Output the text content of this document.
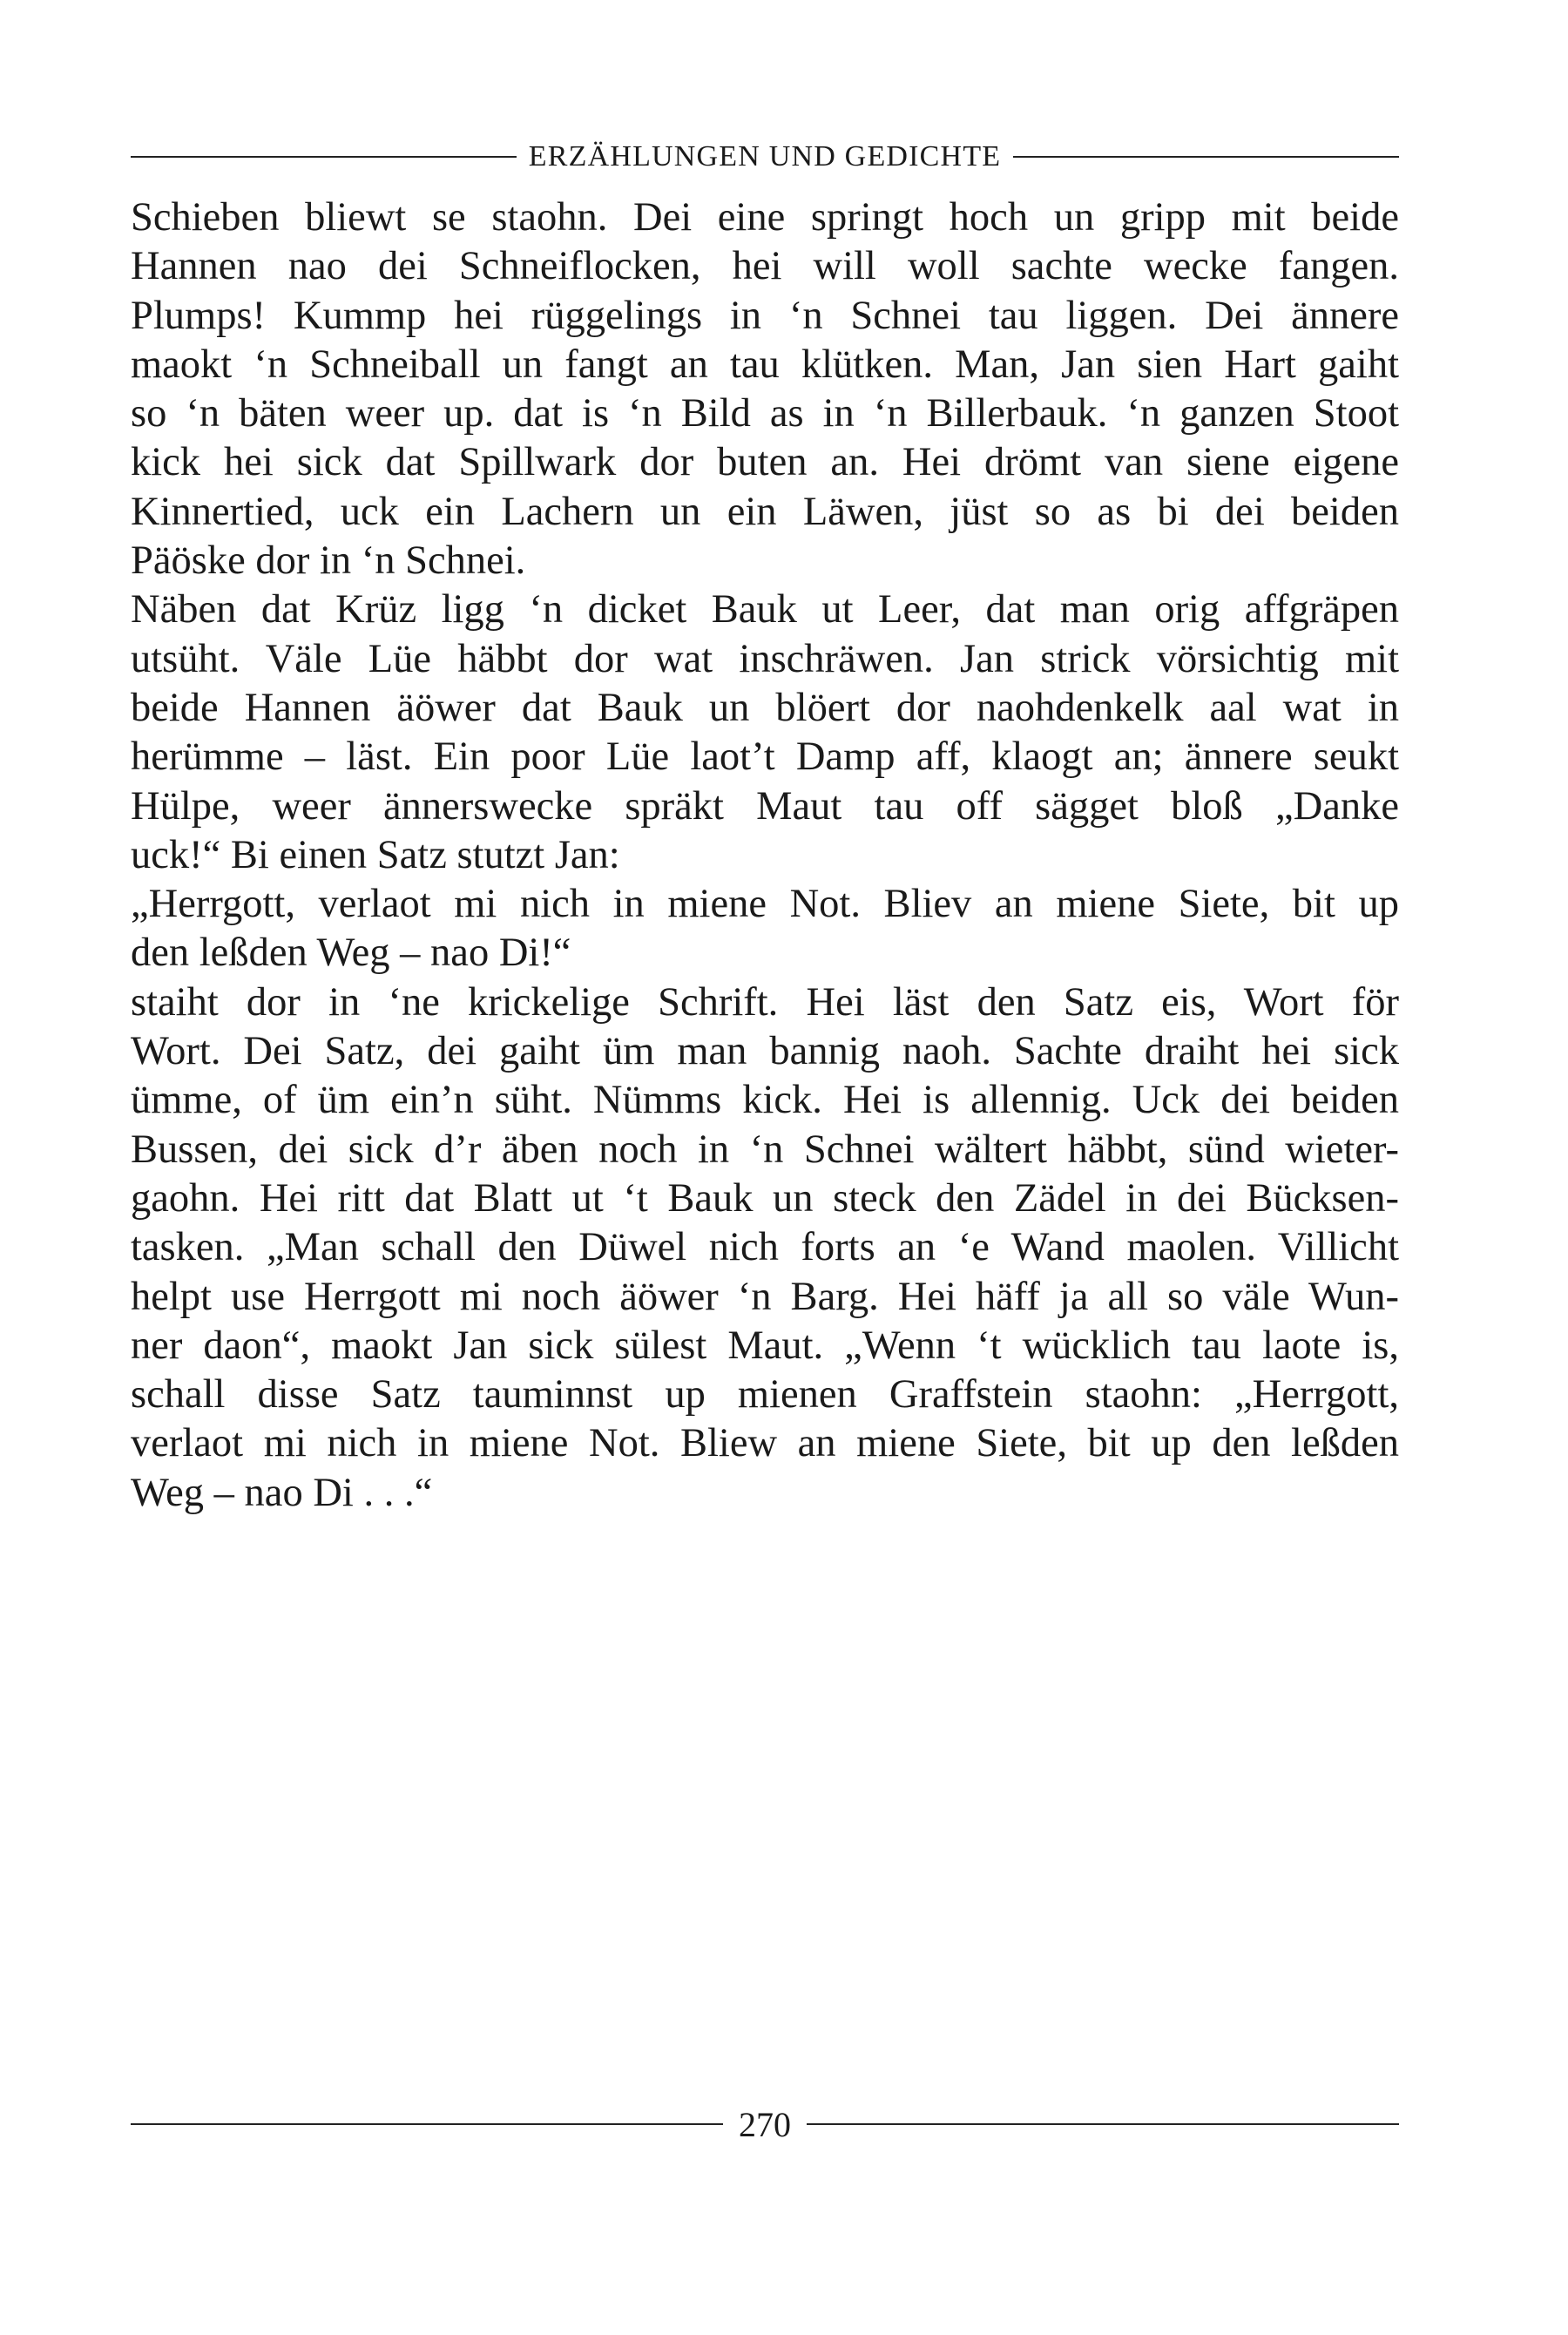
ERZÄHLUNGEN UND GEDICHTE
Schieben bliewt se staohn. Dei eine springt hoch un gripp mit beide
Hannen nao dei Schneiflocken, hei will woll sachte wecke fangen.
Plumps! Kummp hei rüggelings in ‘n Schnei tau liggen. Dei ännere
maokt ‘n Schneiball un fangt an tau klütken. Man, Jan sien Hart gaiht
so ‘n bäten weer up. dat is ‘n Bild as in ‘n Billerbauk. ‘n ganzen Stoot
kick hei sick dat Spillwark dor buten an. Hei drömt van siene eigene
Kinnertied, uck ein Lachern un ein Läwen, jüst so as bi dei beiden
Päöske dor in ‘n Schnei.
Näben dat Krüz ligg ‘n dicket Bauk ut Leer, dat man orig affgräpen
utsüht. Väle Lüe häbbt dor wat inschräwen. Jan strick vörsichtig mit
beide Hannen äöwer dat Bauk un blöert dor naohdenkelk aal wat in
herümme – läst. Ein poor Lüe laot’t Damp aff, klaogt an; ännere seukt
Hülpe, weer ännerswecke spräkt Maut tau off sägget bloß „Danke
uck!“ Bi einen Satz stutzt Jan:
„Herrgott, verlaot mi nich in miene Not. Bliev an miene Siete, bit up
den leßden Weg – nao Di!“
staiht dor in ‘ne krickelige Schrift. Hei läst den Satz eis, Wort för
Wort. Dei Satz, dei gaiht üm man bannig naoh. Sachte draiht hei sick
ümme, of üm ein’n süht. Nümms kick. Hei is allennig. Uck dei beiden
Bussen, dei sick d’r äben noch in ‘n Schnei wältert häbbt, sünd wieter-
gaohn. Hei ritt dat Blatt ut ‘t Bauk un steck den Zädel in dei Bücksen-
tasken. „Man schall den Düwel nich forts an ‘e Wand maolen. Villicht
helpt use Herrgott mi noch äöwer ‘n Barg. Hei häff ja all so väle Wun-
ner daon“, maokt Jan sick sülest Maut. „Wenn ‘t wücklich tau laote is,
schall disse Satz tauminnst up mienen Graffstein staohn: „Herrgott,
verlaot mi nich in miene Not. Bliew an miene Siete, bit up den leßden
Weg – nao Di . . .“
270
